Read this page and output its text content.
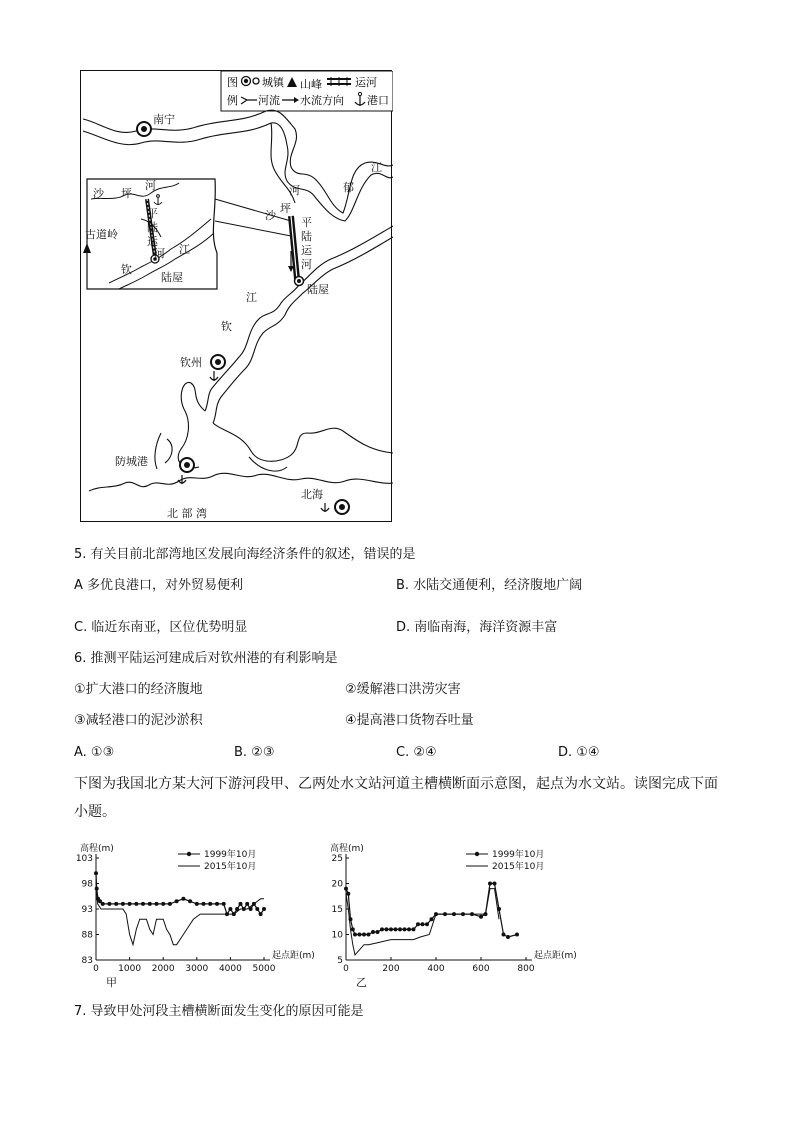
图 城镇 山峰	运河
例 河流 水流方向 港口
南宁
江
郁
河
沙
坪
平
陆
运
河
陆屋
江
钦
钦州
防城港
北海
北 部 湾
沙 坪
河
平
陆
运
河
古道岭
江
钦
陆屋
5. 有关目前北部湾地区发展向海经济条件的叙述，错误的是
A 多优良港口，对外贸易便利	B. 水陆交通便利，经济腹地广阔
C. 临近东南亚，区位优势明显	D. 南临南海，海洋资源丰富
6. 推测平陆运河建成后对钦州港的有利影响是
①扩大港口的经济腹地	②缓解港口洪涝灾害
③减轻港口的泥沙淤积	④提高港口货物吞吐量
A. ①③	B. ②③	C. ②④	D. ①④
下图为我国北方某大河下游河段甲、乙两处水文站河道主槽横断面示意图，起点为水文站。读图完成下面
小题。
83
88
93
98
103
0 1000 2000 3000 4000 5000
高程(m)
起点距(m)
甲
1999年10月
2015年10月
5
10
15
20
25
0	200	400	600	800
高程(m)
起点距(m)
乙
1999年10月
2015年10月
7. 导致甲处河段主槽横断面发生变化的原因可能是
